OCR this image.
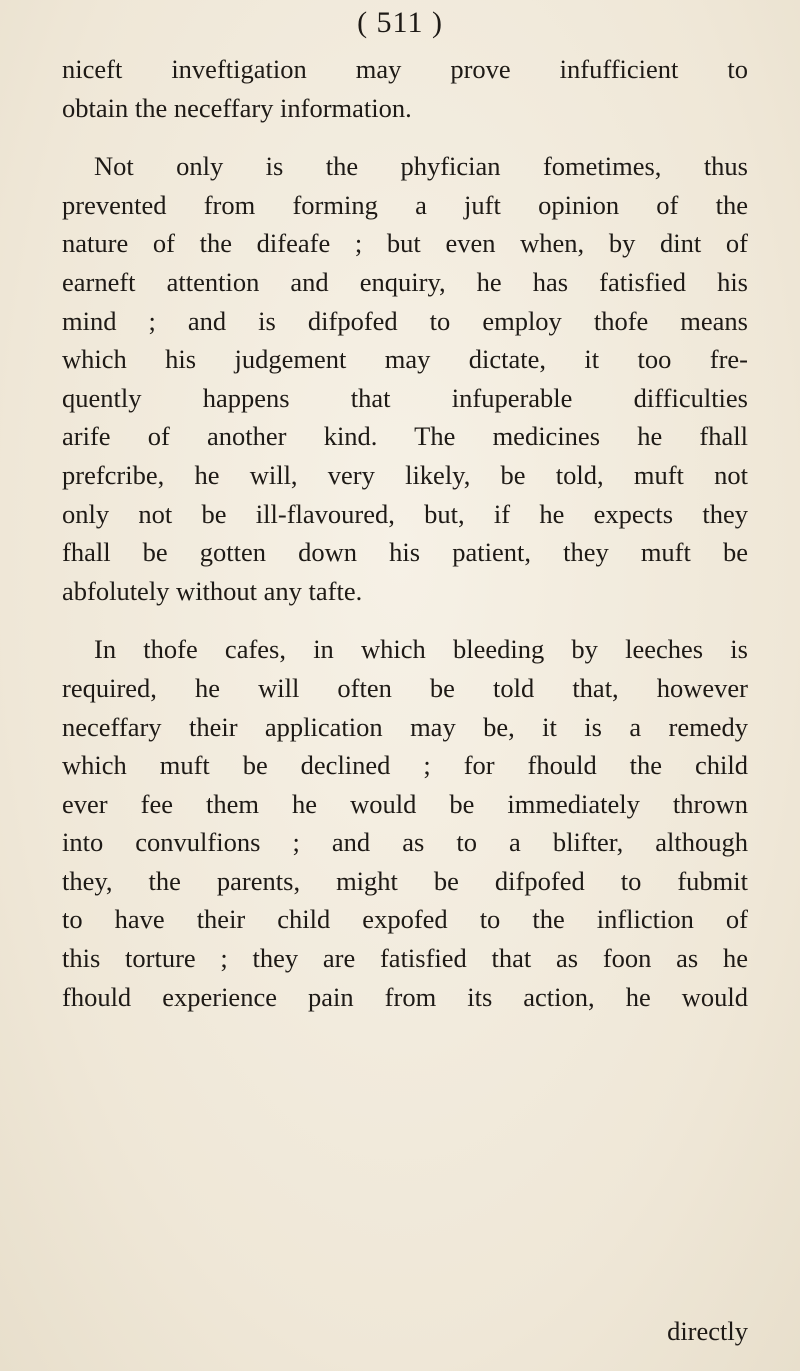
( 511 )
niceft inveftigation may prove infufficient to
obtain the neceffary information.
Not only is the phyfician fometimes, thus
prevented from forming a juft opinion of the
nature of the difeafe ; but even when, by dint of
earneft attention and enquiry, he has fatisfied his
mind ; and is difpofed to employ thofe means
which his judgement may dictate, it too fre-
quently happens that infuperable difficulties
arife of another kind. The medicines he fhall
prefcribe, he will, very likely, be told, muft not
only not be ill-flavoured, but, if he expects they
fhall be gotten down his patient, they muft be
abfolutely without any tafte.
In thofe cafes, in which bleeding by leeches is
required, he will often be told that, however
neceffary their application may be, it is a remedy
which muft be declined ; for fhould the child
ever fee them he would be immediately thrown
into convulfions ; and as to a blifter, although
they, the parents, might be difpofed to fubmit
to have their child expofed to the infliction of
this torture ; they are fatisfied that as foon as he
fhould experience pain from its action, he would
directly
